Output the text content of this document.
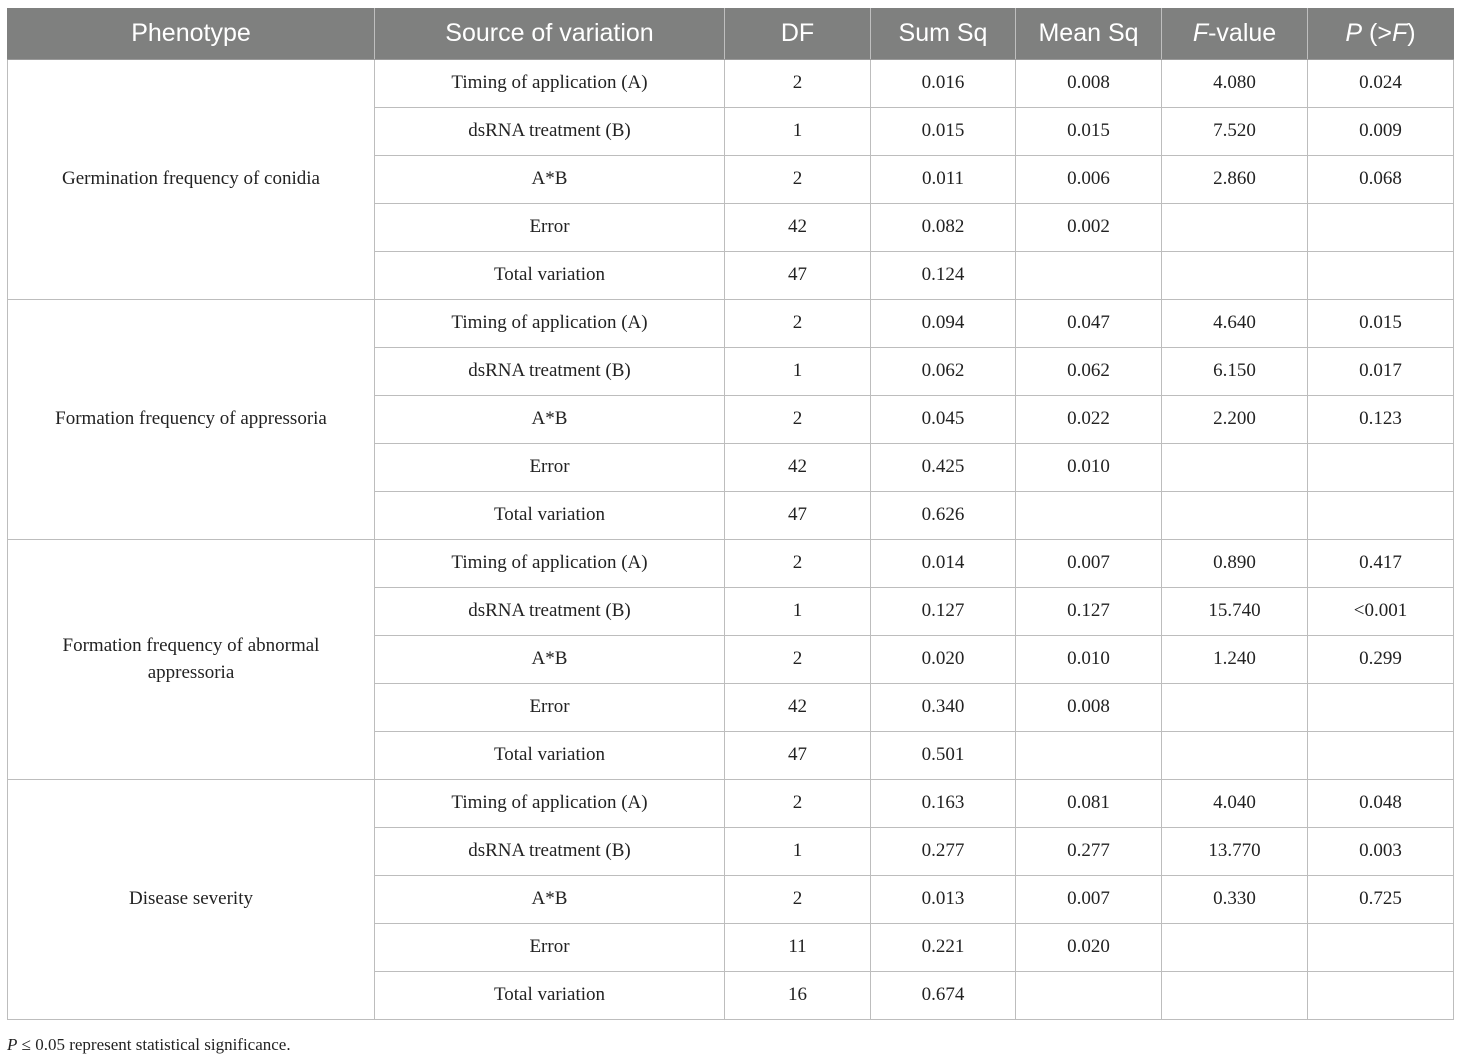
Phenotype	Source of variation	DF	Sum Sq	Mean Sq	F-value	P (>F)
Germination frequency of conidia	Timing of application (A)	2	0.016	0.008	4.080	0.024
	dsRNA treatment (B)	1	0.015	0.015	7.520	0.009
	A*B	2	0.011	0.006	2.860	0.068
	Error	42	0.082	0.002		
	Total variation	47	0.124			
Formation frequency of appressoria	Timing of application (A)	2	0.094	0.047	4.640	0.015
	dsRNA treatment (B)	1	0.062	0.062	6.150	0.017
	A*B	2	0.045	0.022	2.200	0.123
	Error	42	0.425	0.010		
	Total variation	47	0.626			
Formation frequency of abnormal appressoria	Timing of application (A)	2	0.014	0.007	0.890	0.417
	dsRNA treatment (B)	1	0.127	0.127	15.740	<0.001
	A*B	2	0.020	0.010	1.240	0.299
	Error	42	0.340	0.008		
	Total variation	47	0.501			
Disease severity	Timing of application (A)	2	0.163	0.081	4.040	0.048
	dsRNA treatment (B)	1	0.277	0.277	13.770	0.003
	A*B	2	0.013	0.007	0.330	0.725
	Error	11	0.221	0.020		
	Total variation	16	0.674			
P ≤ 0.05 represent statistical significance.
